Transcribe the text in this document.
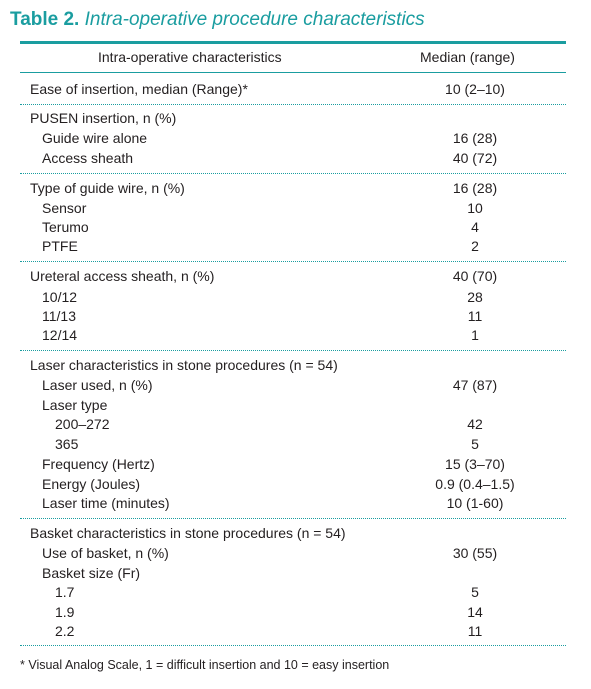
Table 2. Intra-operative procedure characteristics
Intra-operative characteristics	Median (range)
Ease of insertion, median (Range)*	10 (2–10)
PUSEN insertion, n (%)
Guide wire alone	16 (28)
Access sheath	40 (72)
Type of guide wire, n (%)	16 (28)
Sensor	10
Terumo	4
PTFE	2
Ureteral access sheath, n (%)	40 (70)
10/12	28
11/13	11
12/14	1
Laser characteristics in stone procedures (n = 54)
Laser used, n (%)	47 (87)
Laser type
200–272	42
365	5
Frequency (Hertz)	15 (3–70)
Energy (Joules)	0.9 (0.4–1.5)
Laser time (minutes)	10 (1-60)
Basket characteristics in stone procedures (n = 54)
Use of basket, n (%)	30 (55)
Basket size (Fr)
1.7	5
1.9	14
2.2	11
* Visual Analog Scale, 1 = difficult insertion and 10 = easy insertion
